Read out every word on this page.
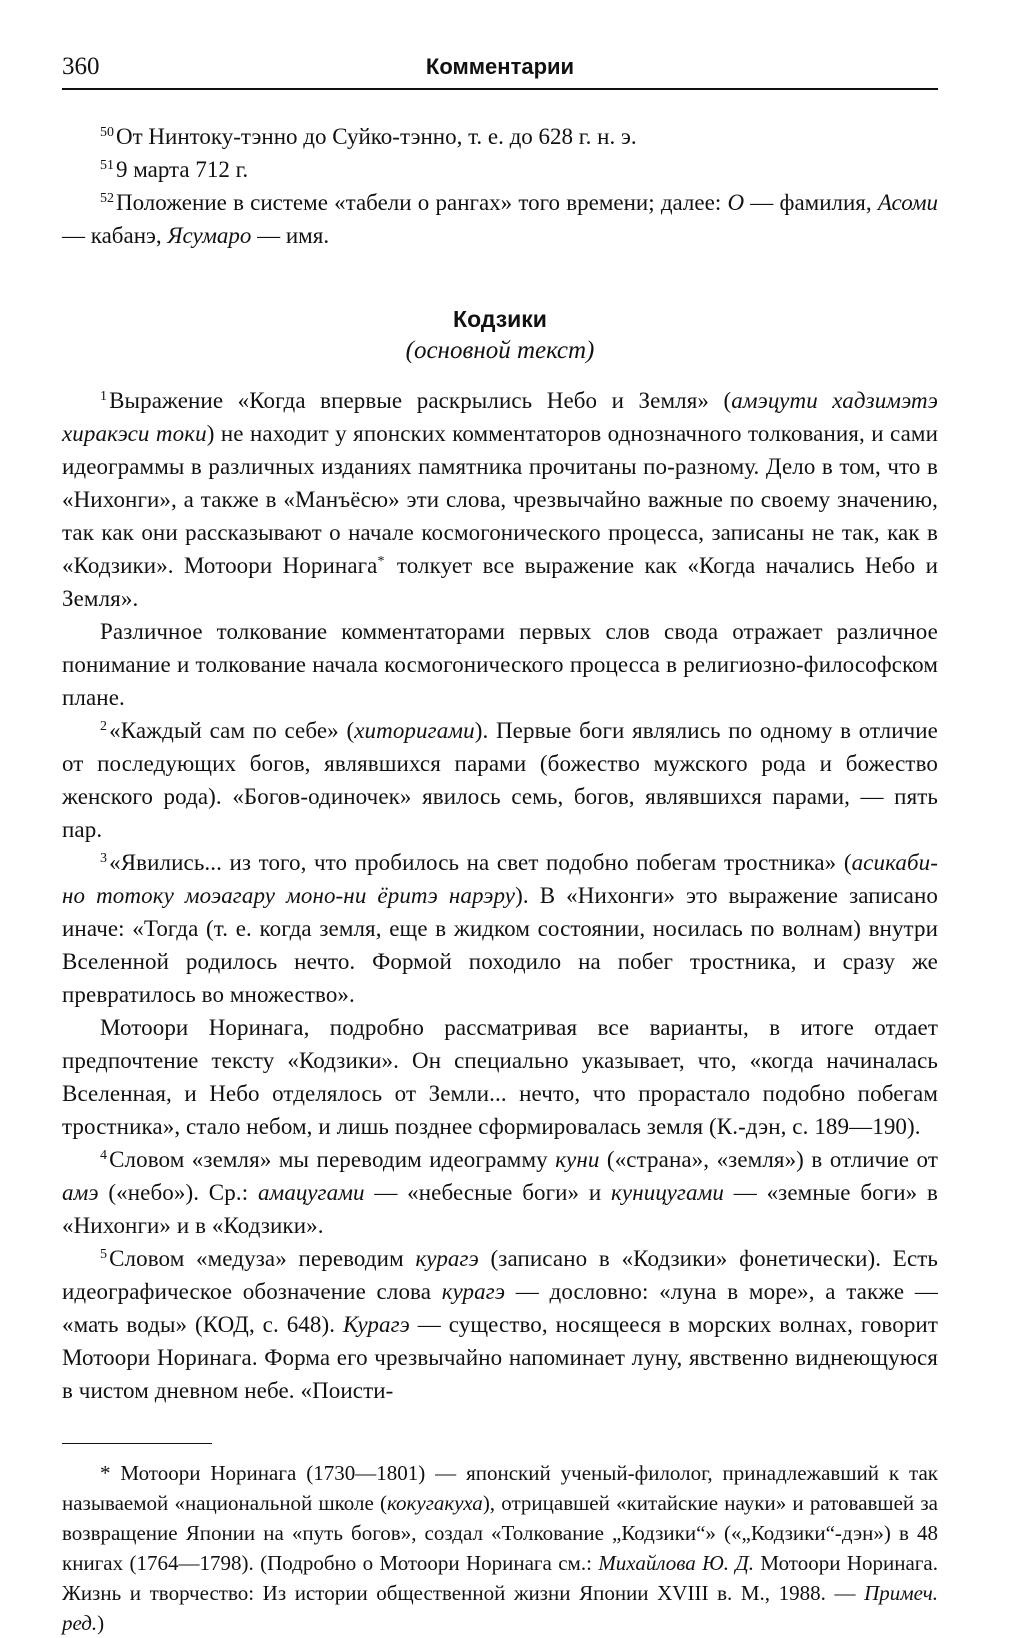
360	Комментарии

$^{50}$От Нинтоку-тэнно до Суйко-тэнно, т. е. до 628 г. н. э.

$^{51}$9 марта 712 г.

$^{52}$Положение в системе «табели о рангах» того времени; далее: О — фамилия, Асоми — кабанэ, Ясумаро — имя.

Кодзики
(основной текст)

$^1$Выражение «Когда впервые раскрылись Небо и Земля» (амэцути хадзимэтэ хиракэси токи) не находит у японских комментаторов однозначного толкования, и сами идеограммы в различных изданиях памятника прочитаны по-разному. Дело в том, что в «Нихонги», а также в «Манъёсю» эти слова, чрезвычайно важные по своему значению, так как они рассказывают о начале космогонического процесса, записаны не так, как в «Кодзики». Мотоори Норинага* толкует все выражение как «Когда начались Небо и Земля».

Различное толкование комментаторами первых слов свода отражает различное понимание и толкование начала космогонического процесса в религиозно-философском плане.

$^2$«Каждый сам по себе» (хиторигами). Первые боги являлись по одному в отличие от последующих богов, являвшихся парами (божество мужского рода и божество женского рода). «Богов-одиночек» явилось семь, богов, являвшихся парами, — пять пар.

$^3$«Явились... из того, что пробилось на свет подобно побегам тростника» (асикаби-но тотоку моэагару моно-ни ёритэ нарэру). В «Нихонги» это выражение записано иначе: «Тогда (т. е. когда земля, еще в жидком состоянии, носилась по волнам) внутри Вселенной родилось нечто. Формой походило на побег тростника, и сразу же превратилось во множество».

Мотоори Норинага, подробно рассматривая все варианты, в итоге отдает предпочтение тексту «Кодзики». Он специально указывает, что, «когда начиналась Вселенная, и Небо отделялось от Земли... нечто, что прорастало подобно побегам тростника», стало небом, и лишь позднее сформировалась земля (К.-дэн, с. 189—190).

$^4$Словом «земля» мы переводим идеограмму куни («страна», «земля») в отличие от амэ («небо»). Ср.: амацугами — «небесные боги» и куницугами — «земные боги» в «Нихонги» и в «Кодзики».

$^5$Словом «медуза» переводим курагэ (записано в «Кодзики» фонетически). Есть идеографическое обозначение слова курагэ — дословно: «луна в море», а также — «мать воды» (КОД, с. 648). Курагэ — существо, носящееся в морских волнах, говорит Мотоори Норинага. Форма его чрезвычайно напоминает луну, явственно виднеющуюся в чистом дневном небе. «Поисти-

* Мотоори Норинага (1730—1801) — японский ученый-филолог, принадлежавший к так называемой «национальной школе (кокугакуха), отрицавшей «китайские науки» и ратовавшей за возвращение Японии на «путь богов», создал «Толкование „Кодзики“» («„Кодзики“-дэн») в 48 книгах (1764—1798). (Подробно о Мотоори Норинага см.: Михайлова Ю. Д. Мотоори Норинага. Жизнь и творчество: Из истории общественной жизни Японии XVIII в. М., 1988. — Примеч. ред.)
